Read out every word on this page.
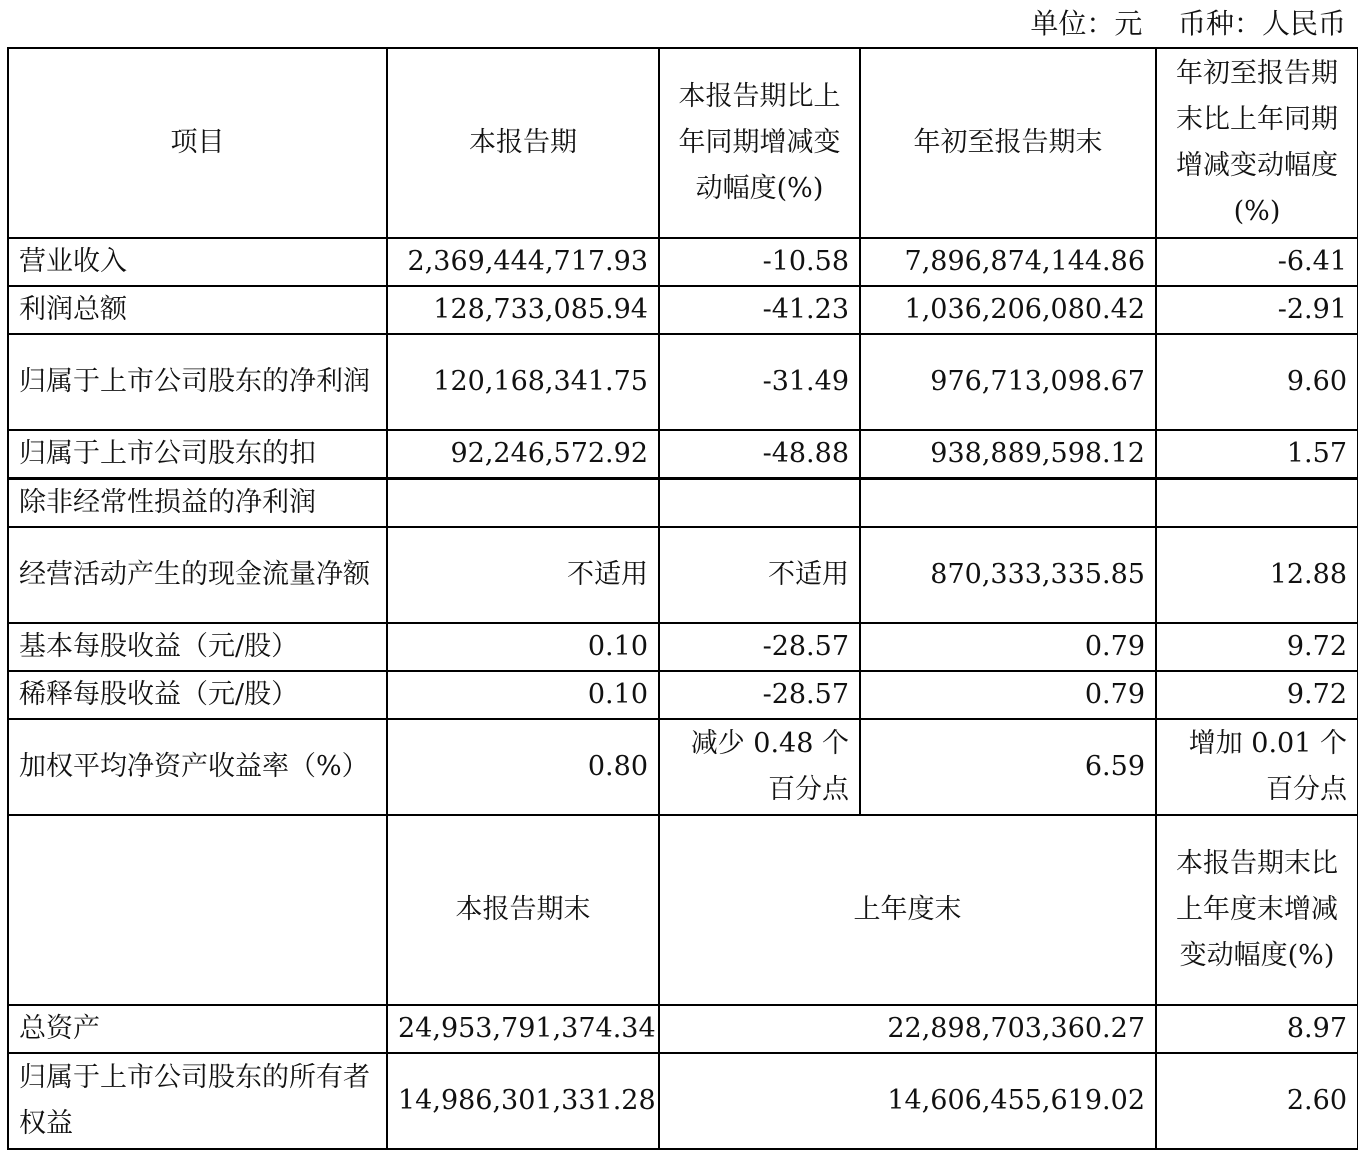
单位：元    币种：人民币
项目	本报告期	本报告期比上年同期增减变动幅度(%)	年初至报告期末	年初至报告期末比上年同期增减变动幅度(%)
营业收入	2,369,444,717.93	-10.58	7,896,874,144.86	-6.41
利润总额	128,733,085.94	-41.23	1,036,206,080.42	-2.91
归属于上市公司股东的净利润	120,168,341.75	-31.49	976,713,098.67	9.60
归属于上市公司股东的扣	92,246,572.92	-48.88	938,889,598.12	1.57
除非经常性损益的净利润				
经营活动产生的现金流量净额	不适用	不适用	870,333,335.85	12.88
基本每股收益（元/股）	0.10	-28.57	0.79	9.72
稀释每股收益（元/股）	0.10	-28.57	0.79	9.72
加权平均净资产收益率（%）	0.80	减少 0.48 个百分点	6.59	增加 0.01 个百分点
	本报告期末	上年度末		本报告期末比上年度末增减变动幅度(%)
总资产	24,953,791,374.34	22,898,703,360.27		8.97
归属于上市公司股东的所有者权益	14,986,301,331.28	14,606,455,619.02		2.60
